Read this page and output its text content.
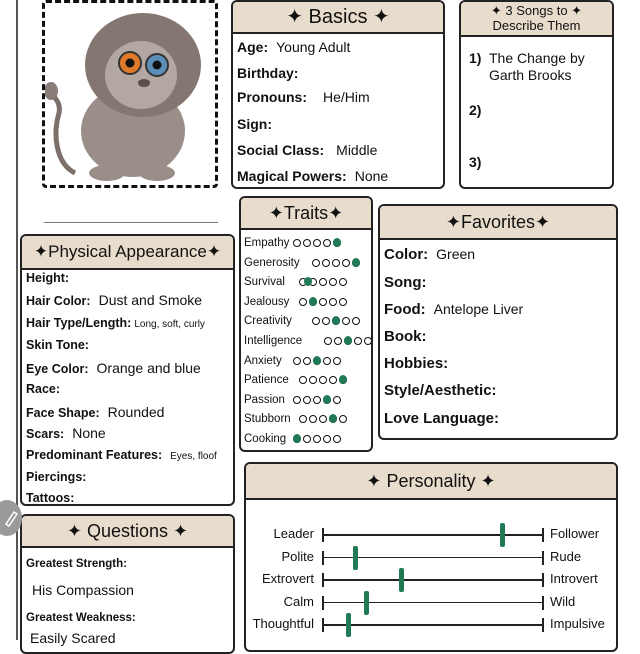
✦ Basics ✦
Age: Young Adult
Birthday:
Pronouns: He/Him
Sign:
Social Class: Middle
Magical Powers: None
✦ 3 Songs to ✦
Describe Them
1) The Change by
Garth Brooks
2)
3)
✦Traits✦
Empathy
Generosity
Survival
Jealousy
Creativity
Intelligence
Anxiety
Patience
Passion
Stubborn
Cooking
✦Favorites✦
Color: Green
Song:
Food: Antelope Liver
Book:
Hobbies:
Style/Aesthetic:
Love Language:
✦Physical Appearance✦
Height:
Hair Color: Dust and Smoke
Hair Type/Length: Long, soft, curly
Skin Tone:
Eye Color: Orange and blue
Race:
Face Shape: Rounded
Scars: None
Predominant Features: Eyes, floof
Piercings:
Tattoos:
✦ Questions ✦
Greatest Strength:
His Compassion
Greatest Weakness:
Easily Scared
✦ Personality ✦
Leader	Follower
Polite	Rude
Extrovert	Introvert
Calm	Wild
Thoughtful	Impulsive
